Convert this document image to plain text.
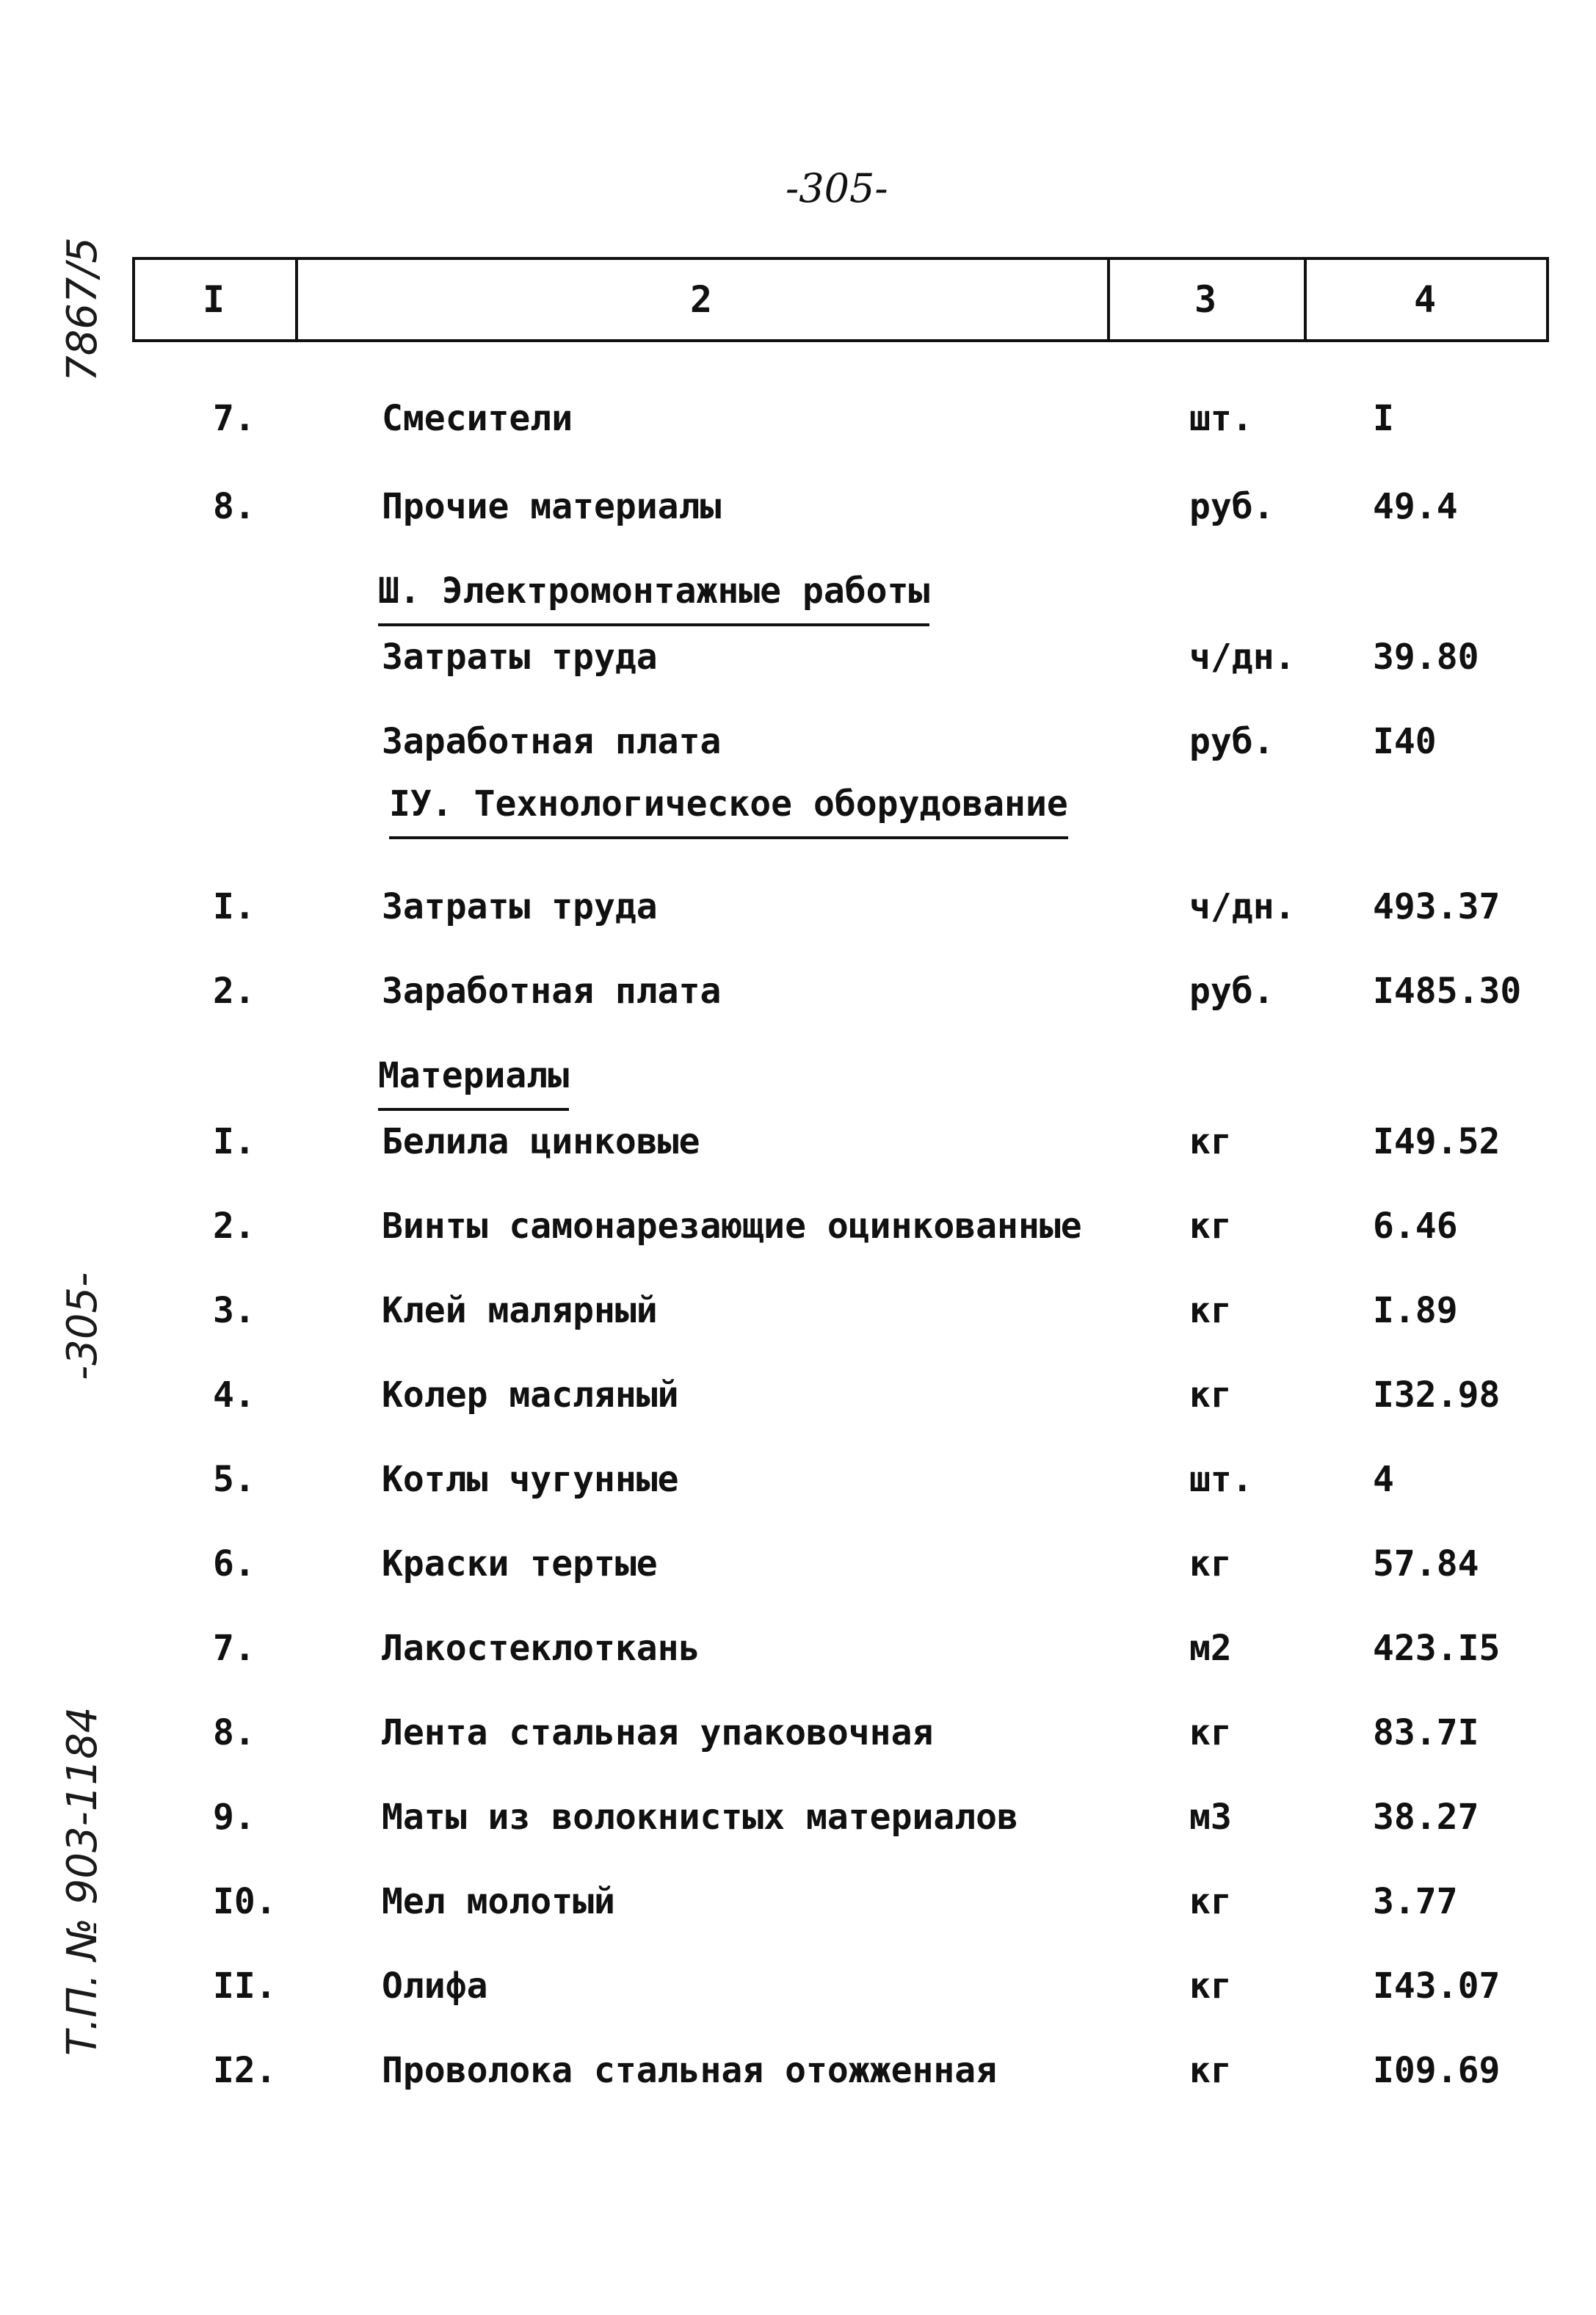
-305-
7867/5
-305-
Т.П. № 903-1184
I	2	3	4
7.	Смесители	шт.	I
8.	Прочие материалы	руб.	49.4
Ш. Электромонтажные работы
Затраты труда	ч/дн. 39.80
Заработная плата	руб.	I40
IУ. Технологическое оборудование
I.	Затраты труда	ч/дн. 493.37
2.	Заработная плата	руб.	I485.30
Материалы
I.	Белила цинковые	кг	I49.52
2.	Винты самонарезающие оцинкованные	кг	6.46
3.	Клей малярный	кг	I.89
4.	Колер масляный	кг	I32.98
5.	Котлы чугунные	шт.	4
6.	Краски тертые	кг	57.84
7.	Лакостеклоткань	м2	423.I5
8.	Лента стальная упаковочная	кг	83.7I
9.	Маты из волокнистых материалов	м3	38.27
I0.	Мел молотый	кг	3.77
II.	Олифа	кг	I43.07
I2.	Проволока стальная отожженная	кг	I09.69
